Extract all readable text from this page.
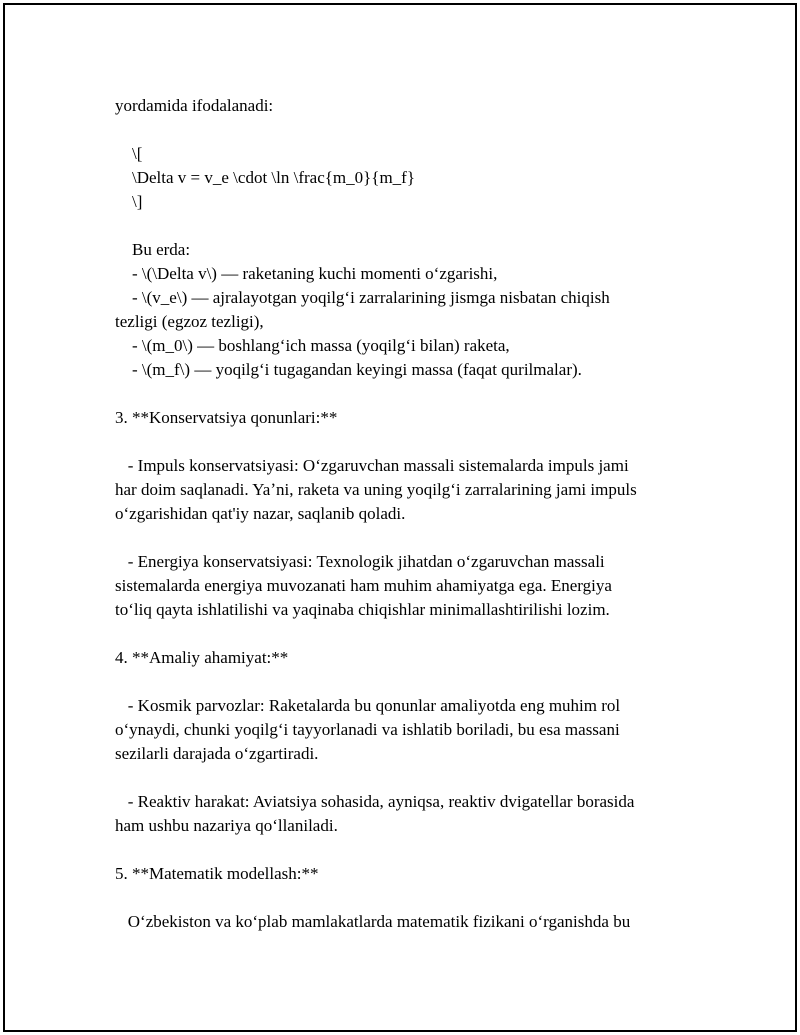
yordamida ifodalanadi:
\[
\Delta v = v_e \cdot \ln \frac{m_0}{m_f}
\]
Bu erda:
- \(\Delta v\) — raketaning kuchi momenti oʻzgarishi,
- \(v_e\) — ajralayotgan yoqilgʻi zarralarining jismga nisbatan chiqish
tezligi (egzoz tezligi),
- \(m_0\) — boshlangʻich massa (yoqilgʻi bilan) raketa,
- \(m_f\) — yoqilgʻi tugagandan keyingi massa (faqat qurilmalar).
3. **Konservatsiya qonunlari:**
- Impuls konservatsiyasi: Oʻzgaruvchan massali sistemalarda impuls jami
har doim saqlanadi. Yaʼni, raketa va uning yoqilgʻi zarralarining jami impuls
oʻzgarishidan qat'iy nazar, saqlanib qoladi.
- Energiya konservatsiyasi: Texnologik jihatdan oʻzgaruvchan massali
sistemalarda energiya muvozanati ham muhim ahamiyatga ega. Energiya
toʻliq qayta ishlatilishi va yaqinaba chiqishlar minimallashtirilishi lozim.
4. **Amaliy ahamiyat:**
- Kosmik parvozlar: Raketalarda bu qonunlar amaliyotda eng muhim rol
oʻynaydi, chunki yoqilgʻi tayyorlanadi va ishlatib boriladi, bu esa massani
sezilarli darajada oʻzgartiradi.
- Reaktiv harakat: Aviatsiya sohasida, ayniqsa, reaktiv dvigatellar borasida
ham ushbu nazariya qoʻllaniladi.
5. **Matematik modellash:**
Oʻzbekiston va koʻplab mamlakatlarda matematik fizikani oʻrganishda bu
